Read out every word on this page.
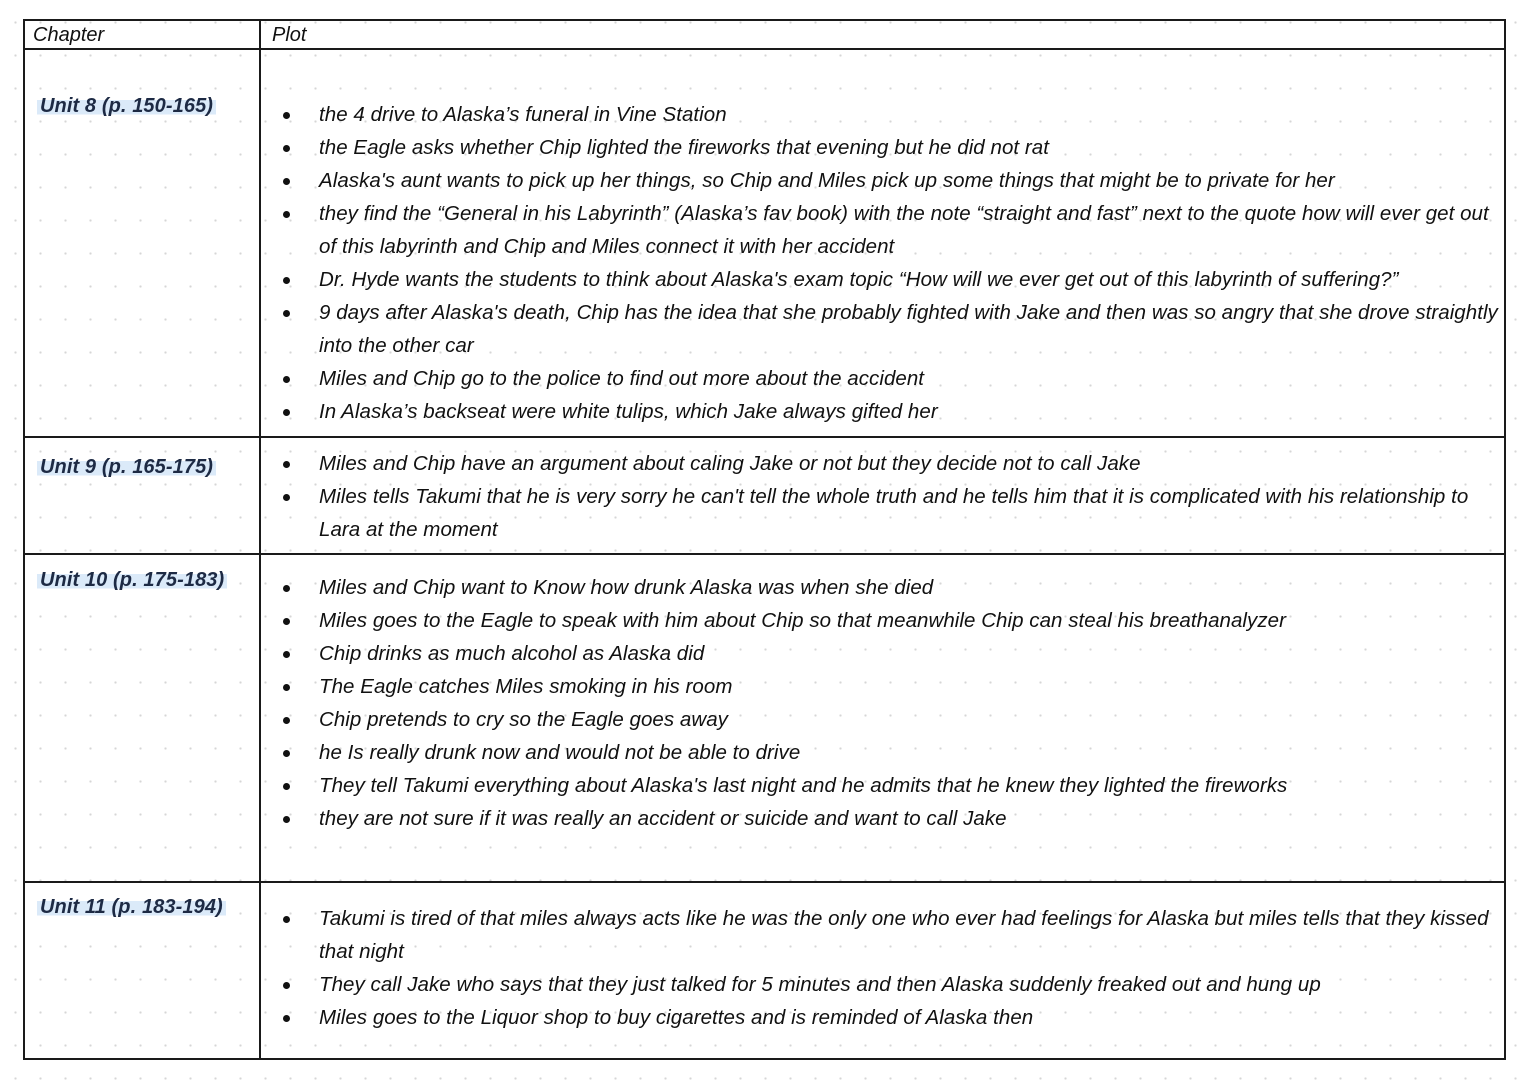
Chapter	Plot
Unit 8 (p. 150-165)	the 4 drive to Alaska’s funeral in Vine Station
the Eagle asks whether Chip lighted the fireworks that evening but he did not rat
Alaska's aunt wants to pick up her things, so Chip and Miles pick up some things that might be to private for her
they find the “General in his Labyrinth” (Alaska’s fav book) with the note “straight and fast” next to the quote how will ever get out of this labyrinth and Chip and Miles connect it with her accident
Dr. Hyde wants the students to think about Alaska's exam topic “How will we ever get out of this labyrinth of suffering?”
9 days after Alaska's death, Chip has the idea that she probably fighted with Jake and then was so angry that she drove straightly into the other car
Miles and Chip go to the police to find out more about the accident
In Alaska’s backseat were white tulips, which Jake always gifted her
Unit 9 (p. 165-175)	Miles and Chip have an argument about caling Jake or not but they decide not to call Jake
Miles tells Takumi that he is very sorry he can't tell the whole truth and he tells him that it is complicated with his relationship to Lara at the moment
Unit 10 (p. 175-183)	Miles and Chip want to Know how drunk Alaska was when she died
Miles goes to the Eagle to speak with him about Chip so that meanwhile Chip can steal his breathanalyzer
Chip drinks as much alcohol as Alaska did
The Eagle catches Miles smoking in his room
Chip pretends to cry so the Eagle goes away
he Is really drunk now and would not be able to drive
They tell Takumi everything about Alaska's last night and he admits that he knew they lighted the fireworks
they are not sure if it was really an accident or suicide and want to call Jake
Unit 11 (p. 183-194)	Takumi is tired of that miles always acts like he was the only one who ever had feelings for Alaska but miles tells that they kissed that night
They call Jake who says that they just talked for 5 minutes and then Alaska suddenly freaked out and hung up
Miles goes to the Liquor shop to buy cigarettes and is reminded of Alaska then
